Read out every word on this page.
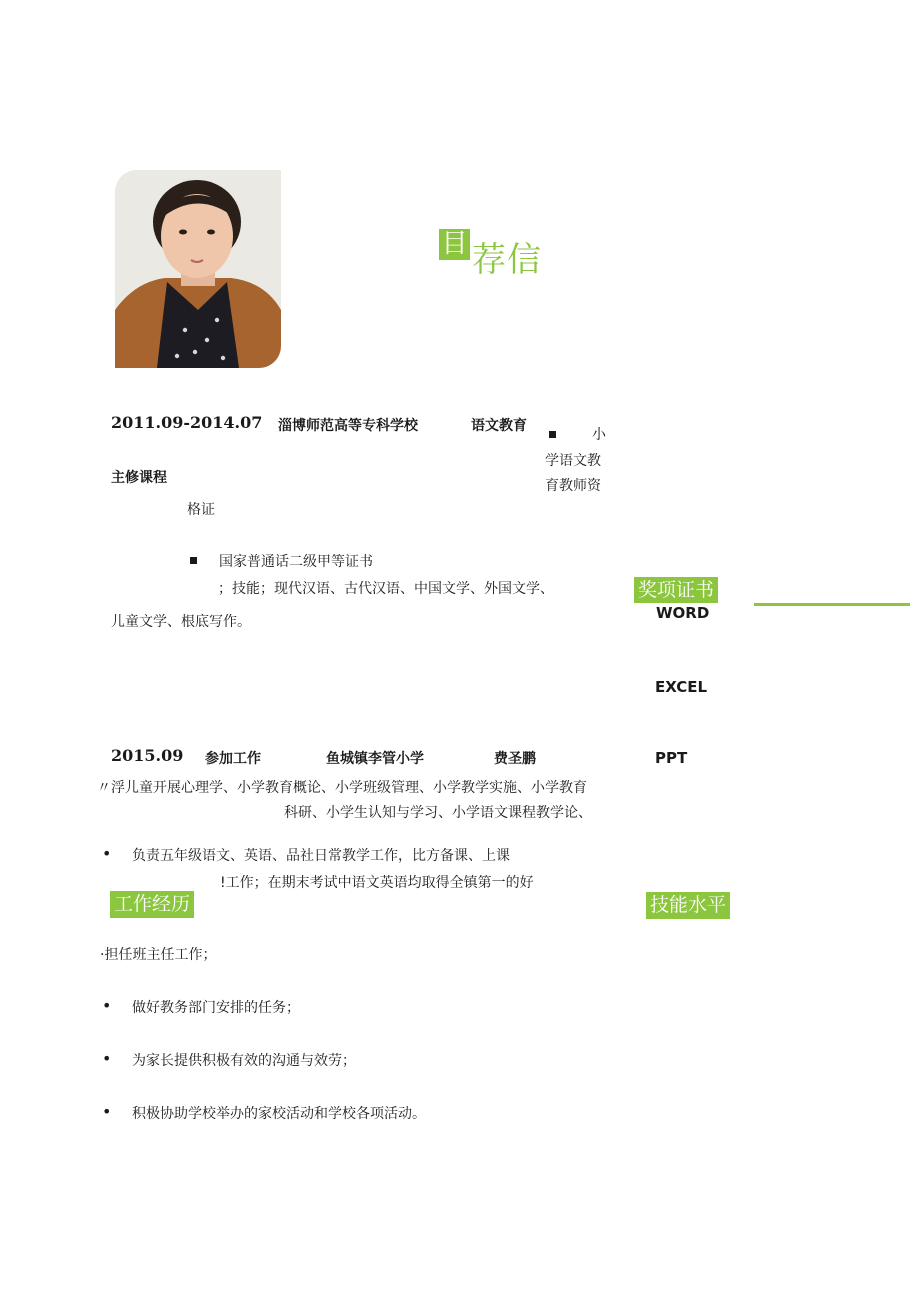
目 荐信
2011.09-2014.07 淄博师范高等专科学校	语文教育
主修课程
小
学语文教
育教师资
格证
国家普通话二级甲等证书
；技能；现代汉语、古代汉语、中国文学、外国文学、
儿童文学、根底写作。
奖项证书
WORD
EXCEL
PPT
2015.09 参加工作	鱼城镇李管小学	费圣鹏
〃浮儿童开展心理学、小学教育概论、小学班级管理、小学教学实施、小学教育
科研、小学生认知与学习、小学语文课程教学论、
• 负责五年级语文、英语、品社日常教学工作，比方备课、上课
!工作；在期末考试中语文英语均取得全镇第一的好
工作经历	技能水平
·担任班主任工作；
• 做好教务部门安排的任务；
• 为家长提供积极有效的沟通与效劳；
• 积极协助学校举办的家校活动和学校各项活动。
